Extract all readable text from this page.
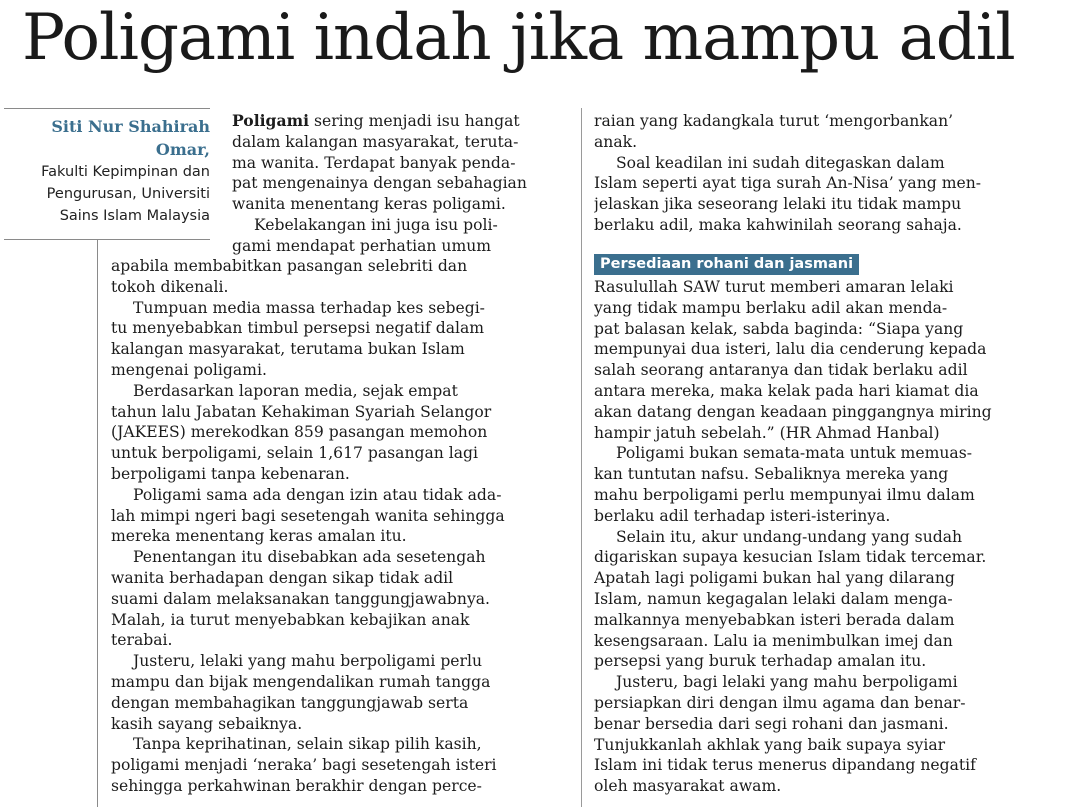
Poligami indah jika mampu adil
Siti Nur Shahirah
Omar,
Fakulti Kepimpinan dan
Pengurusan, Universiti
Sains Islam Malaysia
Poligami sering menjadi isu hangat
dalam kalangan masyarakat, teruta-
ma wanita. Terdapat banyak penda-
pat mengenainya dengan sebahagian
wanita menentang keras poligami.
Kebelakangan ini juga isu poli-
gami mendapat perhatian umum
apabila membabitkan pasangan selebriti dan
tokoh dikenali.
Tumpuan media massa terhadap kes sebegi-
tu menyebabkan timbul persepsi negatif dalam
kalangan masyarakat, terutama bukan Islam
mengenai poligami.
Berdasarkan laporan media, sejak empat
tahun lalu Jabatan Kehakiman Syariah Selangor
(JAKEES) merekodkan 859 pasangan memohon
untuk berpoligami, selain 1,617 pasangan lagi
berpoligami tanpa kebenaran.
Poligami sama ada dengan izin atau tidak ada-
lah mimpi ngeri bagi sesetengah wanita sehingga
mereka menentang keras amalan itu.
Penentangan itu disebabkan ada sesetengah
wanita berhadapan dengan sikap tidak adil
suami dalam melaksanakan tanggungjawabnya.
Malah, ia turut menyebabkan kebajikan anak
terabai.
Justeru, lelaki yang mahu berpoligami perlu
mampu dan bijak mengendalikan rumah tangga
dengan membahagikan tanggungjawab serta
kasih sayang sebaiknya.
Tanpa keprihatinan, selain sikap pilih kasih,
poligami menjadi ‘neraka’ bagi sesetengah isteri
sehingga perkahwinan berakhir dengan perce-
raian yang kadangkala turut ‘mengorbankan’
anak.
Soal keadilan ini sudah ditegaskan dalam
Islam seperti ayat tiga surah An-Nisa’ yang men-
jelaskan jika seseorang lelaki itu tidak mampu
berlaku adil, maka kahwinilah seorang sahaja.
Persediaan rohani dan jasmani
Rasulullah SAW turut memberi amaran lelaki
yang tidak mampu berlaku adil akan menda-
pat balasan kelak, sabda baginda: “Siapa yang
mempunyai dua isteri, lalu dia cenderung kepada
salah seorang antaranya dan tidak berlaku adil
antara mereka, maka kelak pada hari kiamat dia
akan datang dengan keadaan pinggangnya miring
hampir jatuh sebelah.” (HR Ahmad Hanbal)
Poligami bukan semata-mata untuk memuas-
kan tuntutan nafsu. Sebaliknya mereka yang
mahu berpoligami perlu mempunyai ilmu dalam
berlaku adil terhadap isteri-isterinya.
Selain itu, akur undang-undang yang sudah
digariskan supaya kesucian Islam tidak tercemar.
Apatah lagi poligami bukan hal yang dilarang
Islam, namun kegagalan lelaki dalam menga-
malkannya menyebabkan isteri berada dalam
kesengsaraan. Lalu ia menimbulkan imej dan
persepsi yang buruk terhadap amalan itu.
Justeru, bagi lelaki yang mahu berpoligami
persiapkan diri dengan ilmu agama dan benar-
benar bersedia dari segi rohani dan jasmani.
Tunjukkanlah akhlak yang baik supaya syiar
Islam ini tidak terus menerus dipandang negatif
oleh masyarakat awam.
